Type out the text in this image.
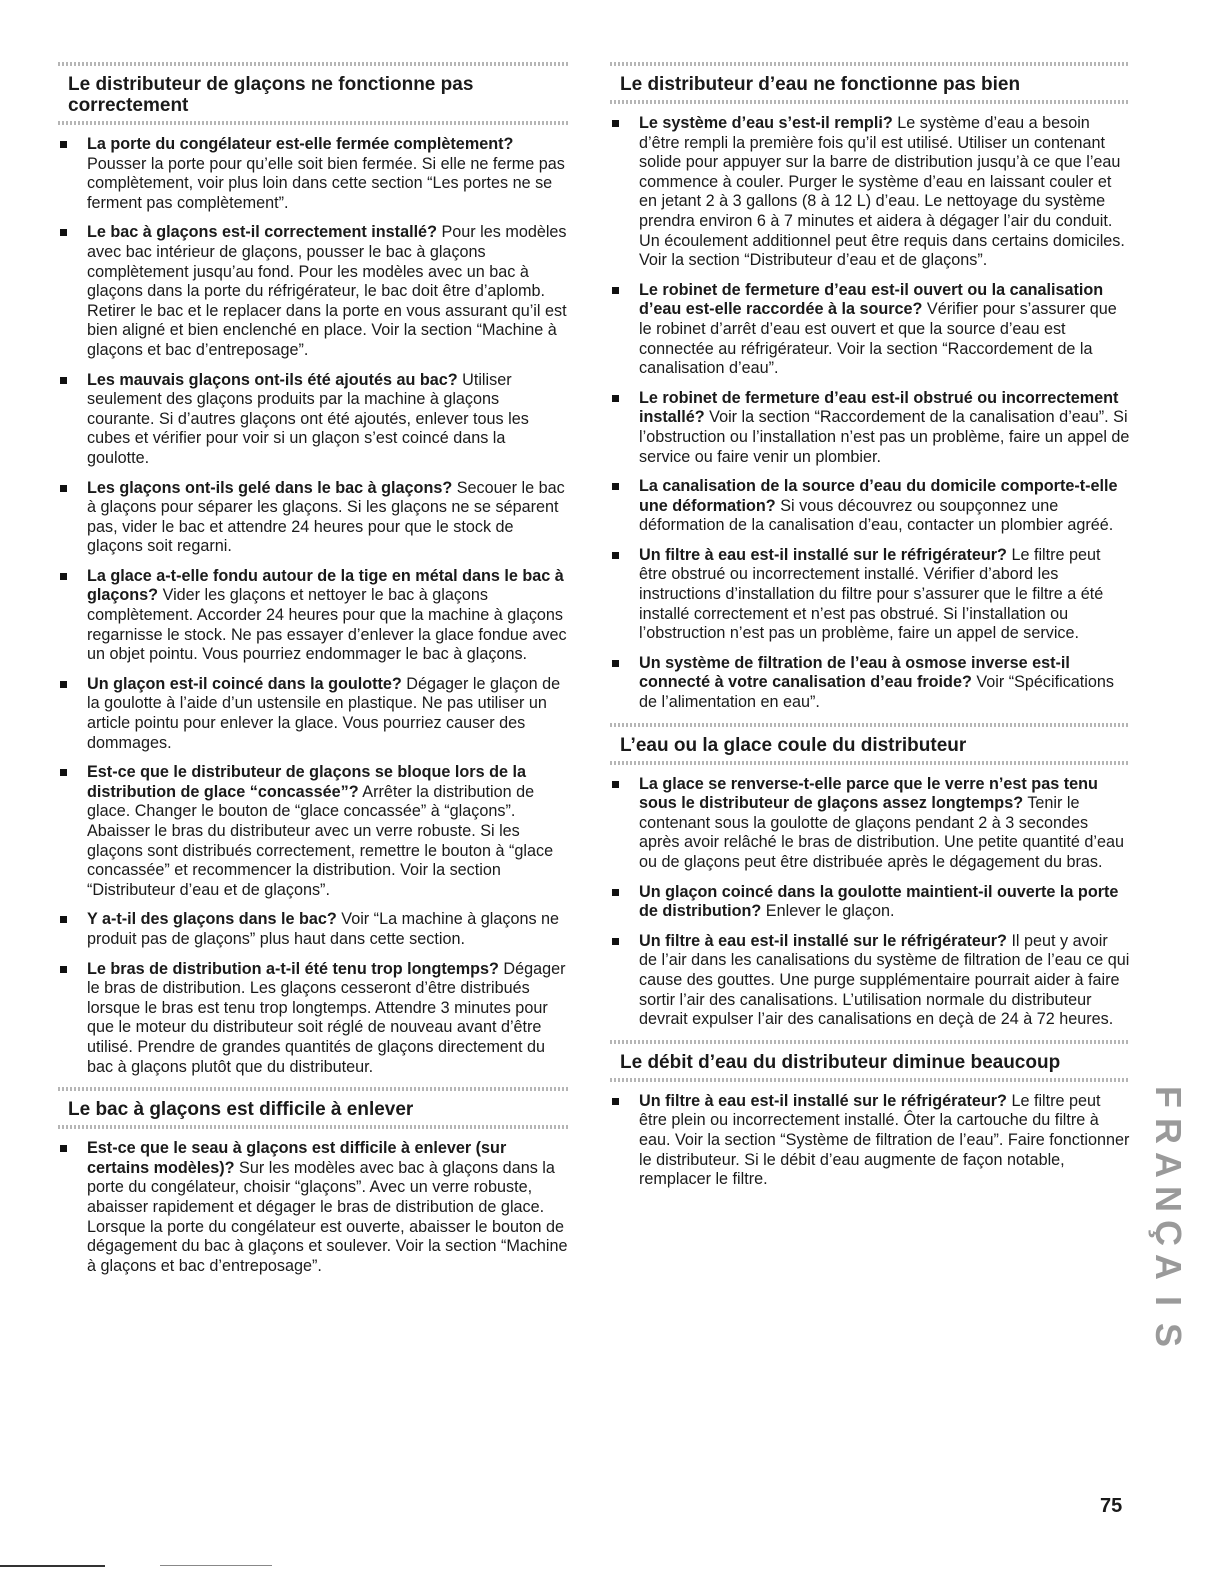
Le distributeur de glaçons ne fonctionne pas correctement
La porte du congélateur est-elle fermée complètement? Pousser la porte pour qu’elle soit bien fermée. Si elle ne ferme pas complètement, voir plus loin dans cette section “Les portes ne se ferment pas complètement”.
Le bac à glaçons est-il correctement installé? Pour les modèles avec bac intérieur de glaçons, pousser le bac à glaçons complètement jusqu’au fond. Pour les modèles avec un bac à glaçons dans la porte du réfrigérateur, le bac doit être d’aplomb. Retirer le bac et le replacer dans la porte en vous assurant qu’il est bien aligné et bien enclenché en place. Voir la section “Machine à glaçons et bac d’entreposage”.
Les mauvais glaçons ont-ils été ajoutés au bac? Utiliser seulement des glaçons produits par la machine à glaçons courante. Si d’autres glaçons ont été ajoutés, enlever tous les cubes et vérifier pour voir si un glaçon s’est coincé dans la goulotte.
Les glaçons ont-ils gelé dans le bac à glaçons? Secouer le bac à glaçons pour séparer les glaçons. Si les glaçons ne se séparent pas, vider le bac et attendre 24 heures pour que le stock de glaçons soit regarni.
La glace a-t-elle fondu autour de la tige en métal dans le bac à glaçons? Vider les glaçons et nettoyer le bac à glaçons complètement. Accorder 24 heures pour que la machine à glaçons regarnisse le stock. Ne pas essayer d’enlever la glace fondue avec un objet pointu. Vous pourriez endommager le bac à glaçons.
Un glaçon est-il coincé dans la goulotte? Dégager le glaçon de la goulotte à l’aide d’un ustensile en plastique. Ne pas utiliser un article pointu pour enlever la glace. Vous pourriez causer des dommages.
Est-ce que le distributeur de glaçons se bloque lors de la distribution de glace “concassée”? Arrêter la distribution de glace. Changer le bouton de “glace concassée” à “glaçons”. Abaisser le bras du distributeur avec un verre robuste. Si les glaçons sont distribués correctement, remettre le bouton à “glace concassée” et recommencer la distribution. Voir la section “Distributeur d’eau et de glaçons”.
Y a-t-il des glaçons dans le bac? Voir “La machine à glaçons ne produit pas de glaçons” plus haut dans cette section.
Le bras de distribution a-t-il été tenu trop longtemps? Dégager le bras de distribution. Les glaçons cesseront d’être distribués lorsque le bras est tenu trop longtemps. Attendre 3 minutes pour que le moteur du distributeur soit réglé de nouveau avant d’être utilisé. Prendre de grandes quantités de glaçons directement du bac à glaçons plutôt que du distributeur.
Le bac à glaçons est difficile à enlever
Est-ce que le seau à glaçons est difficile à enlever (sur certains modèles)? Sur les modèles avec bac à glaçons dans la porte du congélateur, choisir “glaçons”. Avec un verre robuste, abaisser rapidement et dégager le bras de distribution de glace. Lorsque la porte du congélateur est ouverte, abaisser le bouton de dégagement du bac à glaçons et soulever. Voir la section “Machine à glaçons et bac d’entreposage”.
Le distributeur d’eau ne fonctionne pas bien
Le système d’eau s’est-il rempli? Le système d’eau a besoin d’être rempli la première fois qu’il est utilisé. Utiliser un contenant solide pour appuyer sur la barre de distribution jusqu’à ce que l’eau commence à couler. Purger le système d’eau en laissant couler et en jetant 2 à 3 gallons (8 à 12 L) d’eau. Le nettoyage du système prendra environ 6 à 7 minutes et aidera à dégager l’air du conduit. Un écoulement additionnel peut être requis dans certains domiciles. Voir la section “Distributeur d’eau et de glaçons”.
Le robinet de fermeture d’eau est-il ouvert ou la canalisation d’eau est-elle raccordée à la source? Vérifier pour s’assurer que le robinet d’arrêt d’eau est ouvert et que la source d’eau est connectée au réfrigérateur. Voir la section “Raccordement de la canalisation d’eau”.
Le robinet de fermeture d’eau est-il obstrué ou incorrectement installé? Voir la section “Raccordement de la canalisation d’eau”. Si l’obstruction ou l’installation n’est pas un problème, faire un appel de service ou faire venir un plombier.
La canalisation de la source d’eau du domicile comporte-t-elle une déformation? Si vous découvrez ou soupçonnez une déformation de la canalisation d’eau, contacter un plombier agréé.
Un filtre à eau est-il installé sur le réfrigérateur? Le filtre peut être obstrué ou incorrectement installé. Vérifier d’abord les instructions d’installation du filtre pour s’assurer que le filtre a été installé correctement et n’est pas obstrué. Si l’installation ou l’obstruction n’est pas un problème, faire un appel de service.
Un système de filtration de l’eau à osmose inverse est-il connecté à votre canalisation d’eau froide? Voir “Spécifications de l’alimentation en eau”.
L’eau ou la glace coule du distributeur
La glace se renverse-t-elle parce que le verre n’est pas tenu sous le distributeur de glaçons assez longtemps? Tenir le contenant sous la goulotte de glaçons pendant 2 à 3 secondes après avoir relâché le bras de distribution. Une petite quantité d’eau ou de glaçons peut être distribuée après le dégagement du bras.
Un glaçon coincé dans la goulotte maintient-il ouverte la porte de distribution? Enlever le glaçon.
Un filtre à eau est-il installé sur le réfrigérateur? Il peut y avoir de l’air dans les canalisations du système de filtration de l’eau ce qui cause des gouttes. Une purge supplémentaire pourrait aider à faire sortir l’air des canalisations. L’utilisation normale du distributeur devrait expulser l’air des canalisations en deçà de 24 à 72 heures.
Le débit d’eau du distributeur diminue beaucoup
Un filtre à eau est-il installé sur le réfrigérateur? Le filtre peut être plein ou incorrectement installé. Ôter la cartouche du filtre à eau. Voir la section “Système de filtration de l’eau”. Faire fonctionner le distributeur. Si le débit d’eau augmente de façon notable, remplacer le filtre.
F
R
A
N
Ç
A
I
S
75
